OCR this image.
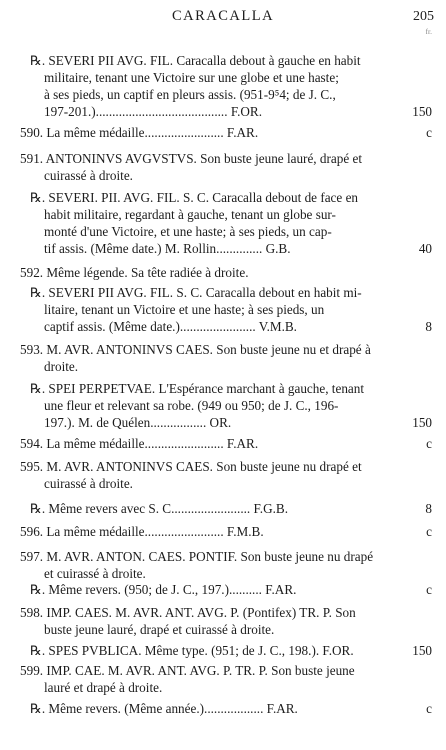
CARACALLA	205
fr.
℞. SEVERI PII AVG. FIL. Caracalla debout à gauche en habit
militaire, tenant une Victoire sur une globe et une haste;
à ses pieds, un captif en pleurs assis. (951-9⁵4; de J. C.,
197-201.)........................................ F.OR.	150
590. La même médaille........................ F.AR.	c
591. ANTONINVS AVGVSTVS. Son buste jeune lauré, drapé et
cuirassé à droite.
℞. SEVERI. PII. AVG. FIL. S. C. Caracalla debout de face en
habit militaire, regardant à gauche, tenant un globe sur-
monté d'une Victoire, et une haste; à ses pieds, un cap-
tif assis. (Même date.) M. Rollin.............. G.B.	40
592. Même légende. Sa tête radiée à droite.
℞. SEVERI PII AVG. FIL. S. C. Caracalla debout en habit mi-
litaire, tenant un Victoire et une haste; à ses pieds, un
captif assis. (Même date.)....................... V.M.B.	8
593. M. AVR. ANTONINVS CAES. Son buste jeune nu et drapé à
droite.
℞. SPEI PERPETVAE. L'Espérance marchant à gauche, tenant
une fleur et relevant sa robe. (949 ou 950; de J. C., 196-
197.). M. de Quélen................. OR.	150
594. La même médaille........................ F.AR.	c
595. M. AVR. ANTONINVS CAES. Son buste jeune nu drapé et
cuirassé à droite.
℞. Même revers avec S. C........................ F.G.B.	8
596. La même médaille........................ F.M.B.	c
597. M. AVR. ANTON. CAES. PONTIF. Son buste jeune nu drapé
et cuirassé à droite.
℞. Même revers. (950; de J. C., 197.).......... F.AR.	c
598. IMP. CAES. M. AVR. ANT. AVG. P. (Pontifex) TR. P. Son
buste jeune lauré, drapé et cuirassé à droite.
℞. SPES PVBLICA. Même type. (951; de J. C., 198.). F.OR.	150
599. IMP. CAE. M. AVR. ANT. AVG. P. TR. P. Son buste jeune
lauré et drapé à droite.
℞. Même revers. (Même année.).................. F.AR.	c
